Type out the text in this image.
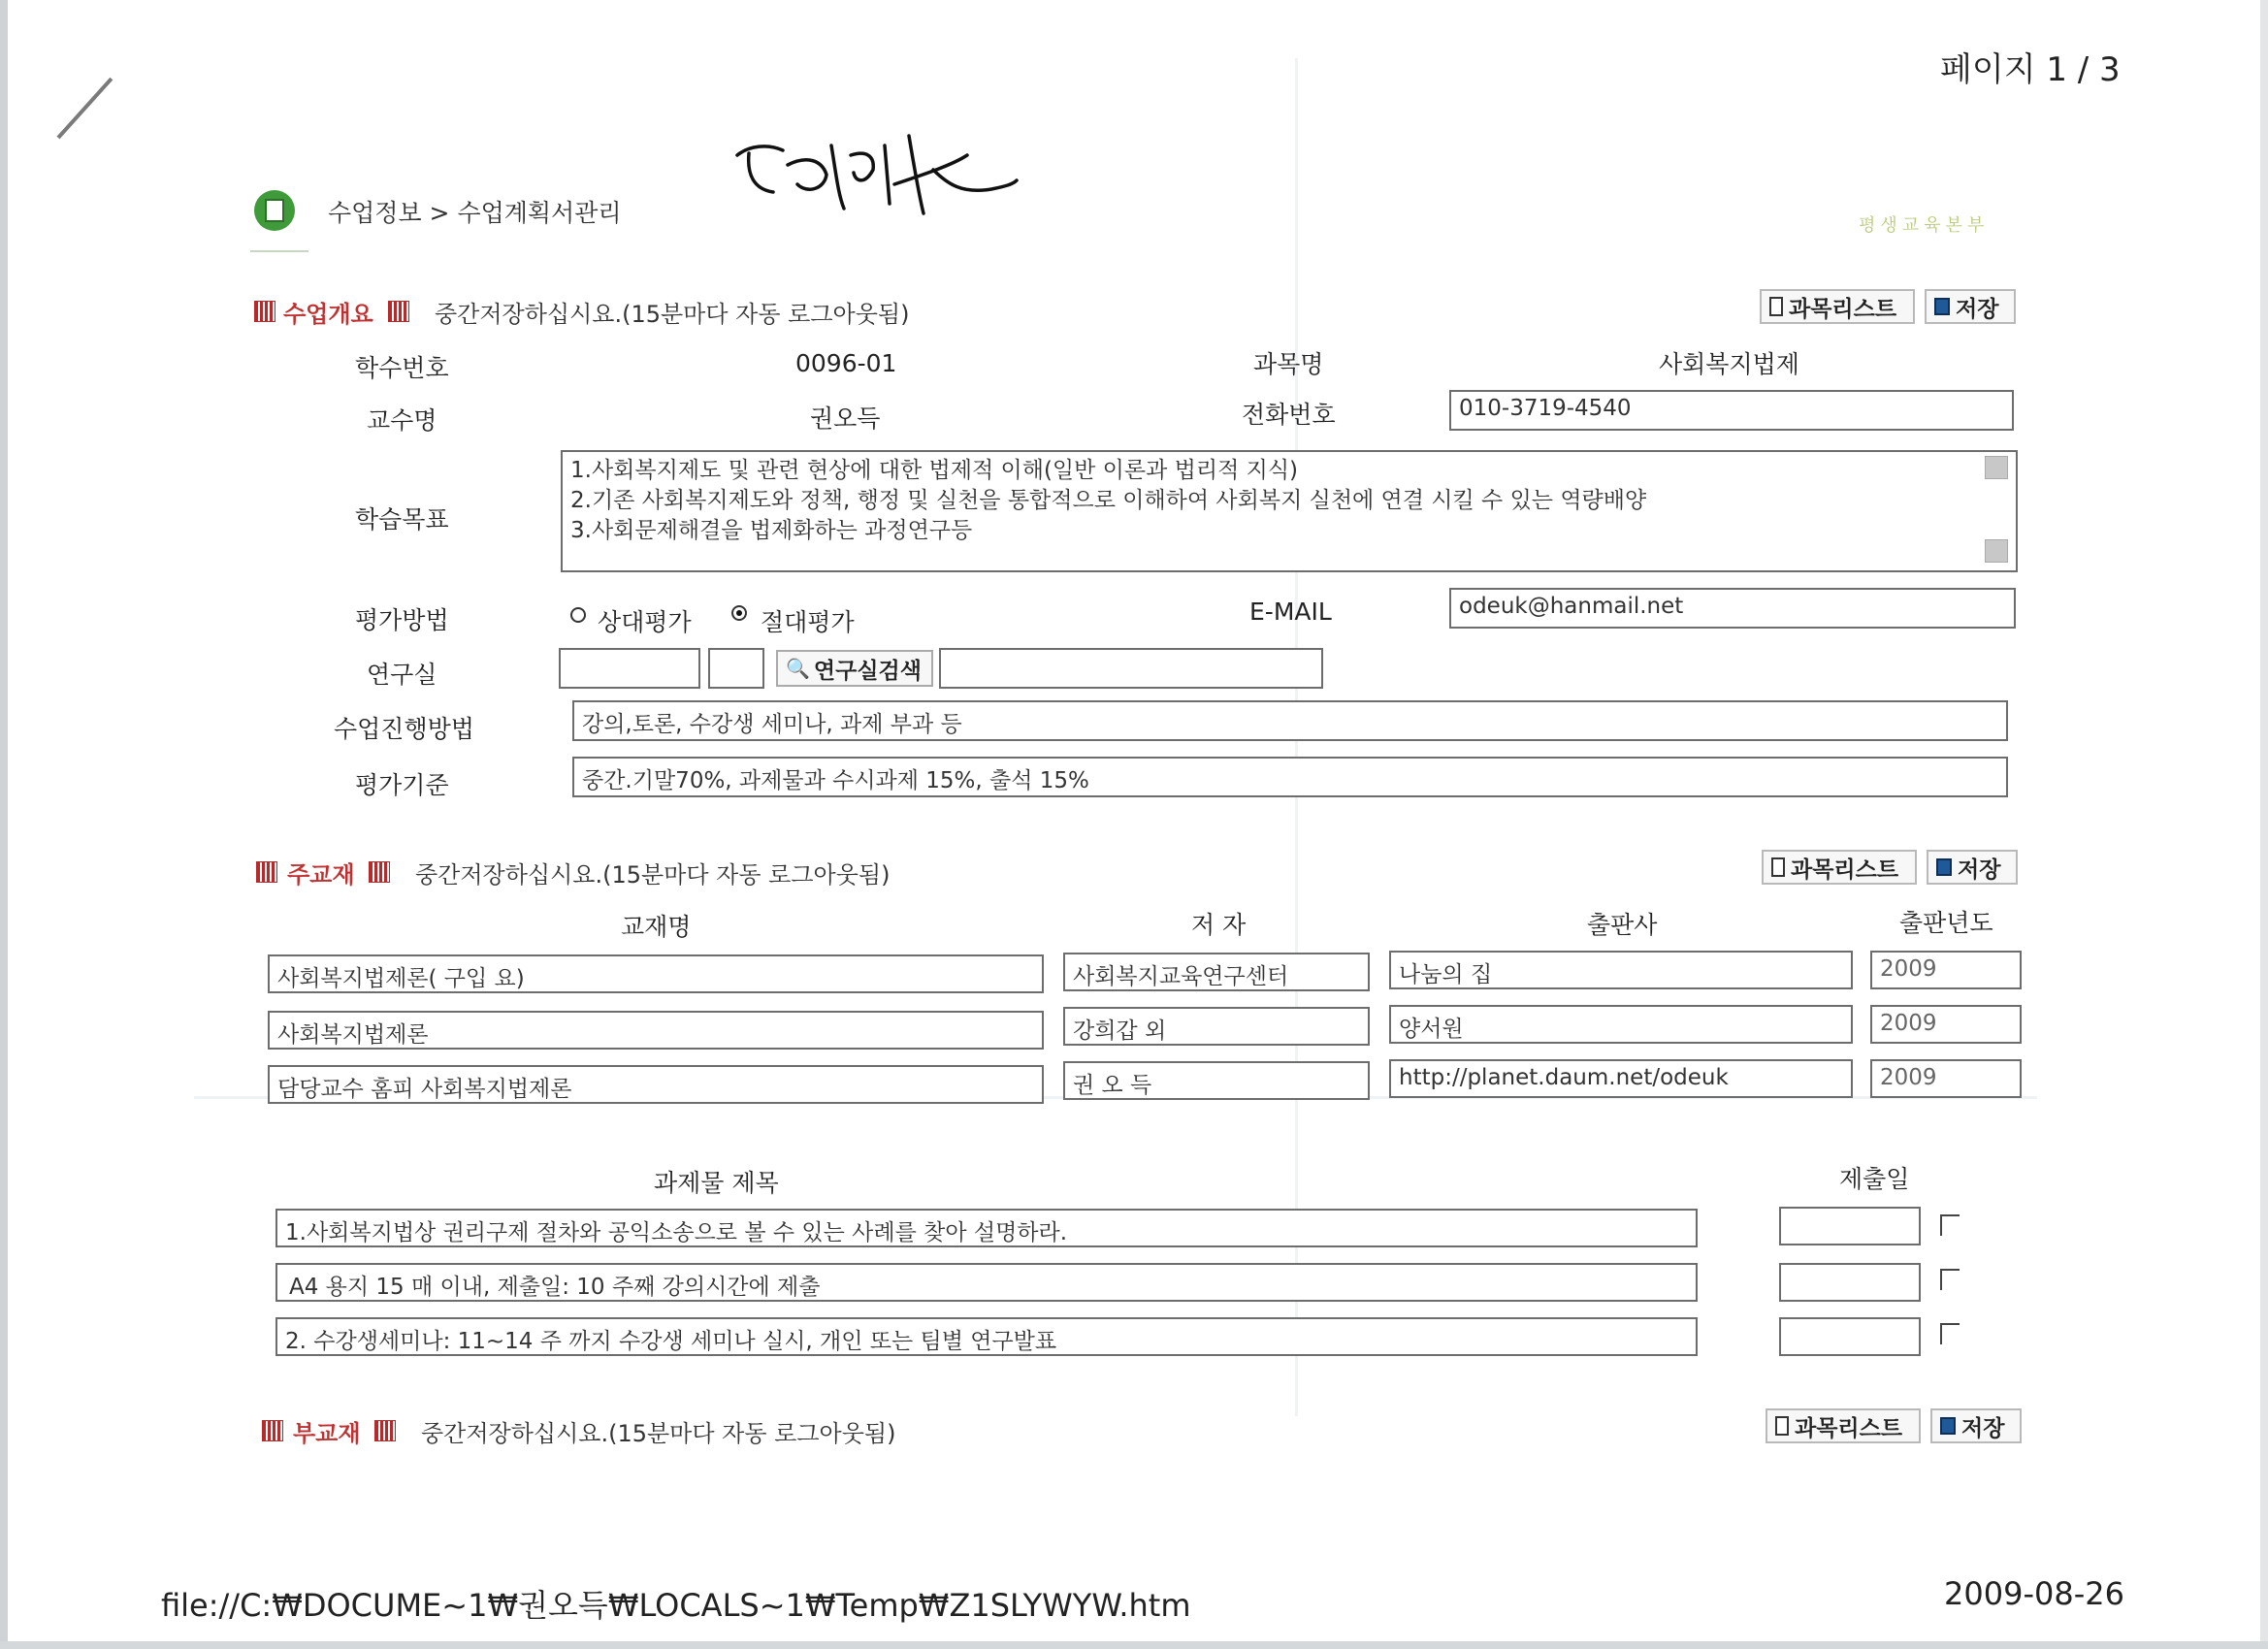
페이지 1 / 3
수업정보 > 수업계획서관리	평생교육본부
수업개요	중간저장하십시요.(15분마다 자동 로그아웃됨)	과목리스트	저장
학수번호	0096-01	과목명	사회복지법제
교수명	권오득	전화번호	010-3719-4540
학습목표
1.사회복지제도 및 관련 현상에 대한 법제적 이해(일반 이론과 법리적 지식)
2.기존 사회복지제도와 정책, 행정 및 실천을 통합적으로 이해하여 사회복지 실천에 연결 시킬 수 있는 역량배양
3.사회문제해결을 법제화하는 과정연구등
평가방법	상대평가	절대평가	E-MAIL	odeuk@hanmail.net
연구실	🔍 연구실검색
수업진행방법	강의,토론, 수강생 세미나, 과제 부과 등
평가기준	중간.기말70%, 과제물과 수시과제 15%, 출석 15%
주교재	중간저장하십시요.(15분마다 자동 로그아웃됨)	과목리스트	저장
교재명	저 자	출판사	출판년도
사회복지법제론( 구입 요)	사회복지교육연구센터	나눔의 집	2009
사회복지법제론	강희갑 외	양서원	2009
담당교수 홈피 사회복지법제론	권 오 득	http://planet.daum.net/odeuk	2009
과제물 제목	제출일
1.사회복지법상 권리구제 절차와 공익소송으로 볼 수 있는 사례를 찾아 설명하라.
A4 용지 15 매 이내, 제출일: 10 주째 강의시간에 제출
2. 수강생세미나: 11~14 주 까지 수강생 세미나 실시, 개인 또는 팀별 연구발표
부교재	중간저장하십시요.(15분마다 자동 로그아웃됨)	과목리스트	저장
file://C:₩DOCUME~1₩권오득₩LOCALS~1₩Temp₩Z1SLYWYW.htm	2009-08-26
